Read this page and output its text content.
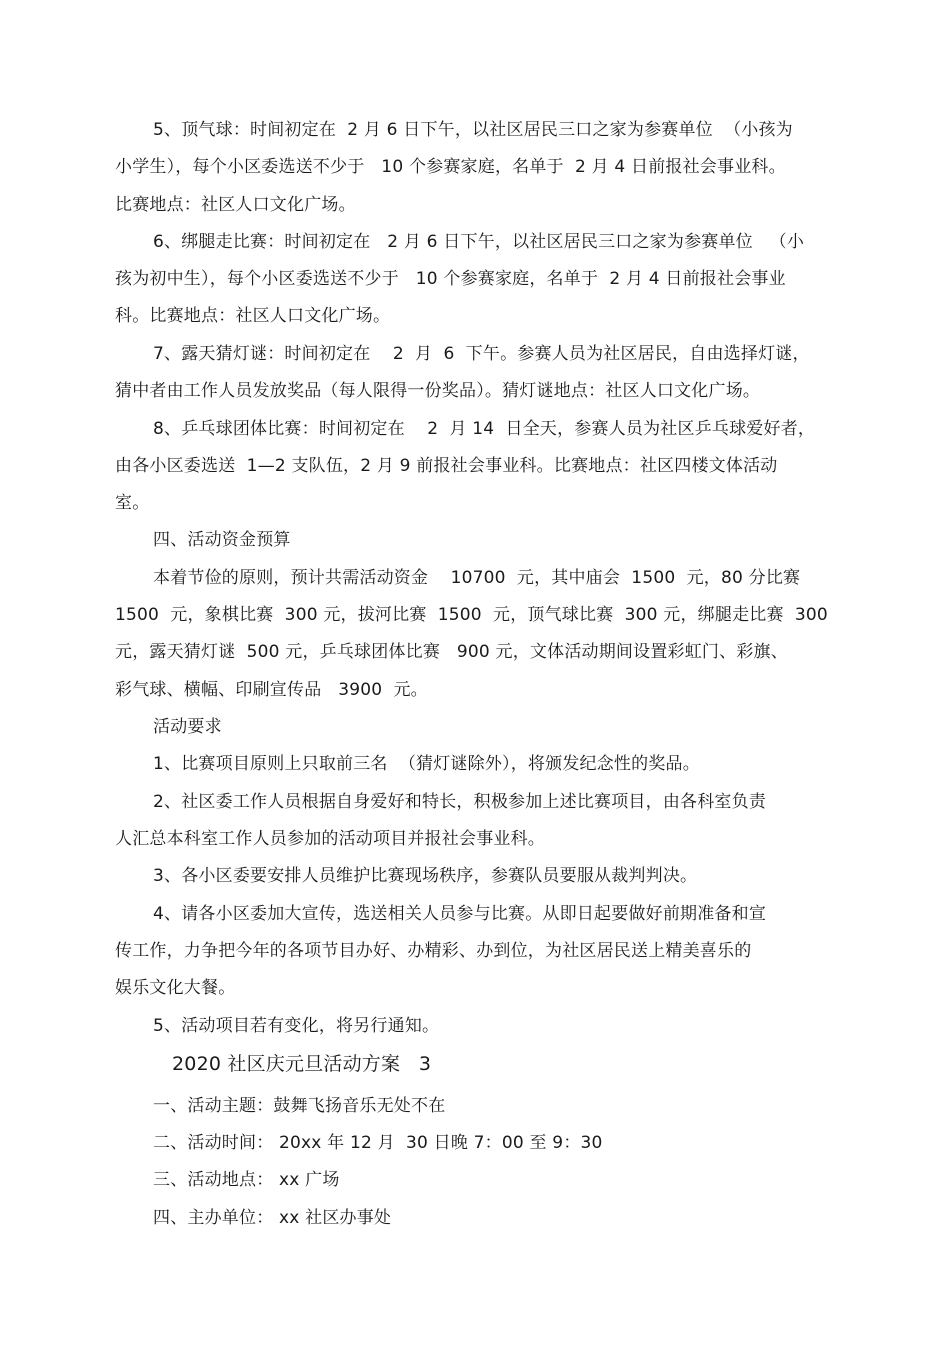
5、顶气球：时间初定在  2 月 6 日下午，以社区居民三口之家为参赛单位  （小孩为
小学生），每个小区委选送不少于   10 个参赛家庭，名单于  2 月 4 日前报社会事业科。
比赛地点：社区人口文化广场。
6、绑腿走比赛：时间初定在   2 月 6 日下午，以社区居民三口之家为参赛单位   （小
孩为初中生），每个小区委选送不少于   10 个参赛家庭，名单于  2 月 4 日前报社会事业
科。比赛地点：社区人口文化广场。
7、露天猜灯谜：时间初定在    2  月  6  下午。参赛人员为社区居民，自由选择灯谜，
猜中者由工作人员发放奖品（每人限得一份奖品）。猜灯谜地点：社区人口文化广场。
8、乒乓球团体比赛：时间初定在    2  月 14  日全天，参赛人员为社区乒乓球爱好者，
由各小区委选送  1—2 支队伍，2 月 9 前报社会事业科。比赛地点：社区四楼文体活动
室。
四、活动资金预算
本着节俭的原则，预计共需活动资金    10700  元，其中庙会  1500  元，80 分比赛
1500  元，象棋比赛  300 元，拔河比赛  1500  元，顶气球比赛  300 元，绑腿走比赛  300
元，露天猜灯谜  500 元，乒乓球团体比赛   900 元，文体活动期间设置彩虹门、彩旗、
彩气球、横幅、印刷宣传品   3900  元。
活动要求
1、比赛项目原则上只取前三名  （猜灯谜除外），将颁发纪念性的奖品。
2、社区委工作人员根据自身爱好和特长，积极参加上述比赛项目，由各科室负责
人汇总本科室工作人员参加的活动项目并报社会事业科。
3、各小区委要安排人员维护比赛现场秩序，参赛队员要服从裁判判决。
4、请各小区委加大宣传，选送相关人员参与比赛。从即日起要做好前期准备和宣
传工作，力争把今年的各项节目办好、办精彩、办到位，为社区居民送上精美喜乐的
娱乐文化大餐。
5、活动项目若有变化，将另行通知。
2020 社区庆元旦活动方案   3
一、活动主题：鼓舞飞扬音乐无处不在
二、活动时间： 20xx 年 12 月  30 日晚 7：00 至 9：30
三、活动地点： xx 广场
四、主办单位： xx 社区办事处
